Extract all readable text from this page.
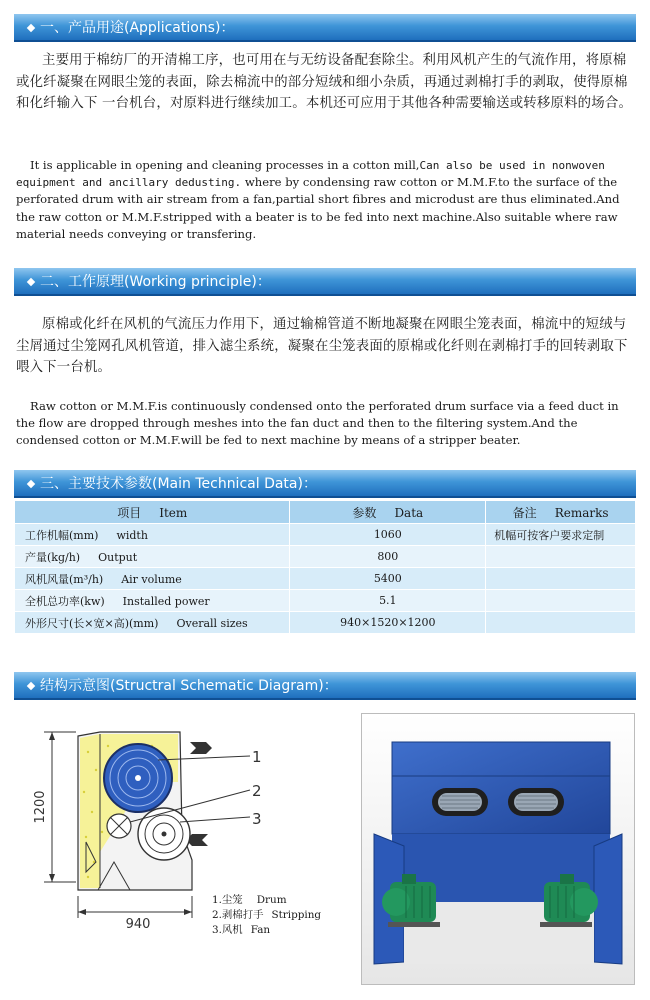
一、产品用途(Applications)：

主要用于棉纺厂的开清棉工序，也可用在与无纺设备配套除尘。利用风机产生的气流作用，将原棉或化纤凝聚在网眼尘笼的表面，除去棉流中的部分短绒和细小杂质，再通过剥棉打手的剥取，使得原棉和化纤输入下 一台机台，对原料进行继续加工。本机还可应用于其他各种需要输送或转移原料的场合。

It is applicable in opening and cleaning processes in a cotton mill,Can also be used in nonwoven equipment and ancillary dedusting. where by condensing raw cotton or M.M.F.to the surface of the perforated drum with air stream from a fan,partial short fibres and microdust are thus eliminated.And the raw cotton or M.M.F.stripped with a beater is to be fed into next machine.Also suitable where raw material needs conveying or transfering.

二、工作原理(Working principle)：

原棉或化纤在风机的气流压力作用下，通过输棉管道不断地凝聚在网眼尘笼表面，棉流中的短绒与尘屑通过尘笼网孔风机管道，排入滤尘系统，凝聚在尘笼表面的原棉或化纤则在剥棉打手的回转剥取下喂入下一台机。

Raw cotton or M.M.F.is continuously condensed onto the perforated drum surface via a feed duct in the flow are dropped through meshes into the fan duct and then to the filtering system.And the condensed cotton or M.M.F.will be fed to next machine by means of a stripper beater.

三、主要技术参数(Main Technical Data)：
项目 Item	参数 Data	备注 Remarks
工作机幅(mm) width	1060	机幅可按客户要求定制
产量(kg/h) Output	800	
风机风量(m³/h) Air volume	5400	
全机总功率(kw) Installed power	5.1	
外形尺寸(长×宽×高)(mm) Overall sizes	940×1520×1200	
结构示意图(Structral Schematic Diagram)：
1200
1
2
3
940
1.尘笼 Drum
2.剥棉打手 Stripping
3.风机 Fan
